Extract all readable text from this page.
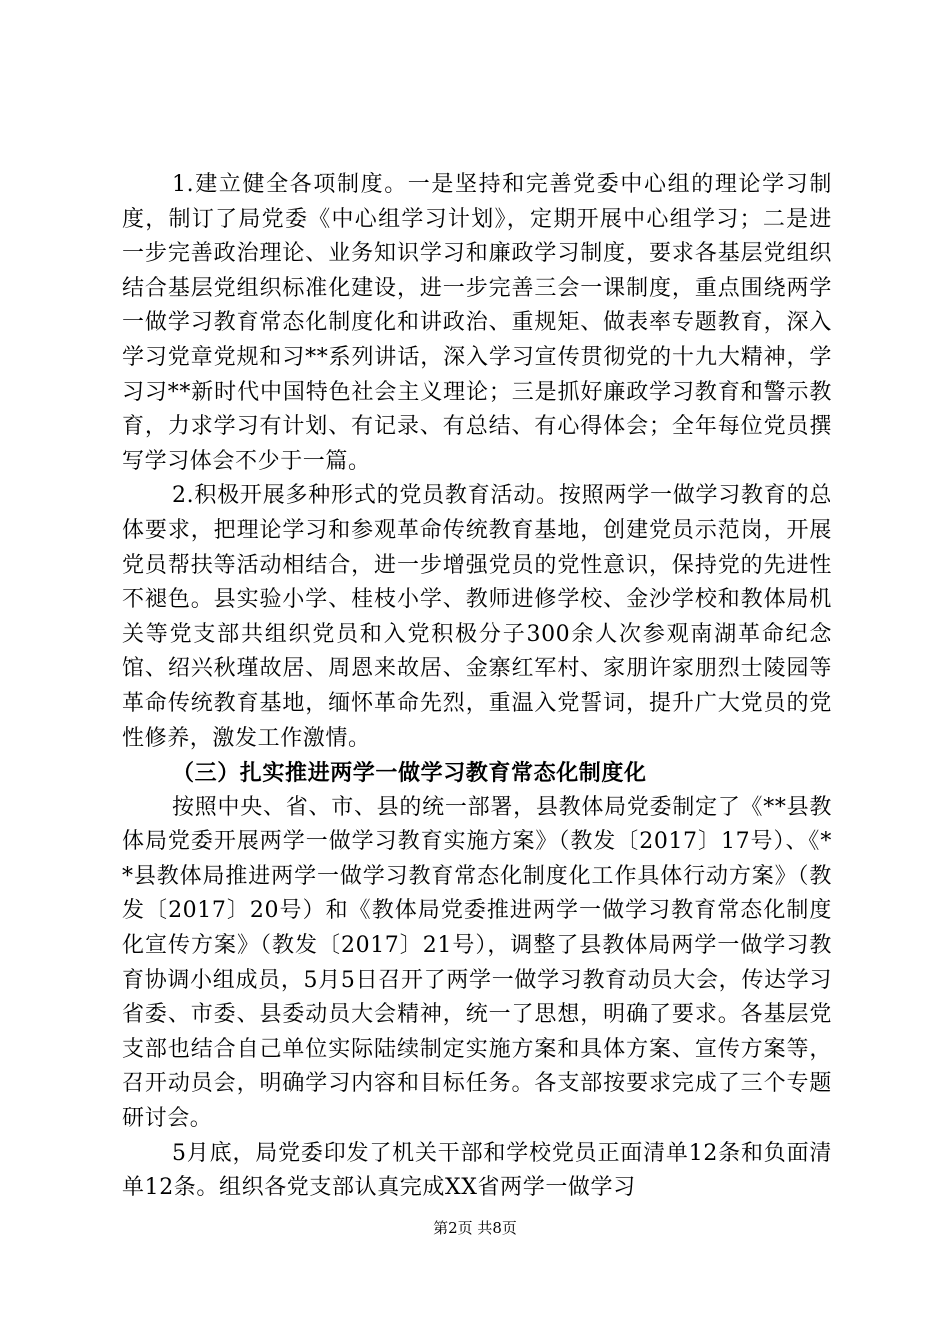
1.建立健全各项制度。一是坚持和完善党委中心组的理论学习制度，制订了局党委《中心组学习计划》，定期开展中心组学习；二是进一步完善政治理论、业务知识学习和廉政学习制度，要求各基层党组织结合基层党组织标准化建设，进一步完善三会一课制度，重点围绕两学一做学习教育常态化制度化和讲政治、重规矩、做表率专题教育，深入学习党章党规和习**系列讲话，深入学习宣传贯彻党的十九大精神，学习习**新时代中国特色社会主义理论；三是抓好廉政学习教育和警示教育，力求学习有计划、有记录、有总结、有心得体会；全年每位党员撰写学习体会不少于一篇。

2.积极开展多种形式的党员教育活动。按照两学一做学习教育的总体要求，把理论学习和参观革命传统教育基地，创建党员示范岗，开展党员帮扶等活动相结合，进一步增强党员的党性意识，保持党的先进性不褪色。县实验小学、桂枝小学、教师进修学校、金沙学校和教体局机关等党支部共组织党员和入党积极分子300余人次参观南湖革命纪念馆、绍兴秋瑾故居、周恩来故居、金寨红军村、家朋许家朋烈士陵园等革命传统教育基地，缅怀革命先烈，重温入党誓词，提升广大党员的党性修养，激发工作激情。

（三）扎实推进两学一做学习教育常态化制度化

按照中央、省、市、县的统一部署，县教体局党委制定了《**县教体局党委开展两学一做学习教育实施方案》（教发〔2017〕17号）、《**县教体局推进两学一做学习教育常态化制度化工作具体行动方案》（教发〔2017〕20号）和《教体局党委推进两学一做学习教育常态化制度化宣传方案》（教发〔2017〕21号），调整了县教体局两学一做学习教育协调小组成员，5月5日召开了两学一做学习教育动员大会，传达学习省委、市委、县委动员大会精神，统一了思想，明确了要求。各基层党支部也结合自己单位实际陆续制定实施方案和具体方案、宣传方案等，召开动员会，明确学习内容和目标任务。各支部按要求完成了三个专题研讨会。

5月底，局党委印发了机关干部和学校党员正面清单12条和负面清单12条。组织各党支部认真完成XX省两学一做学习

第2页 共8页
